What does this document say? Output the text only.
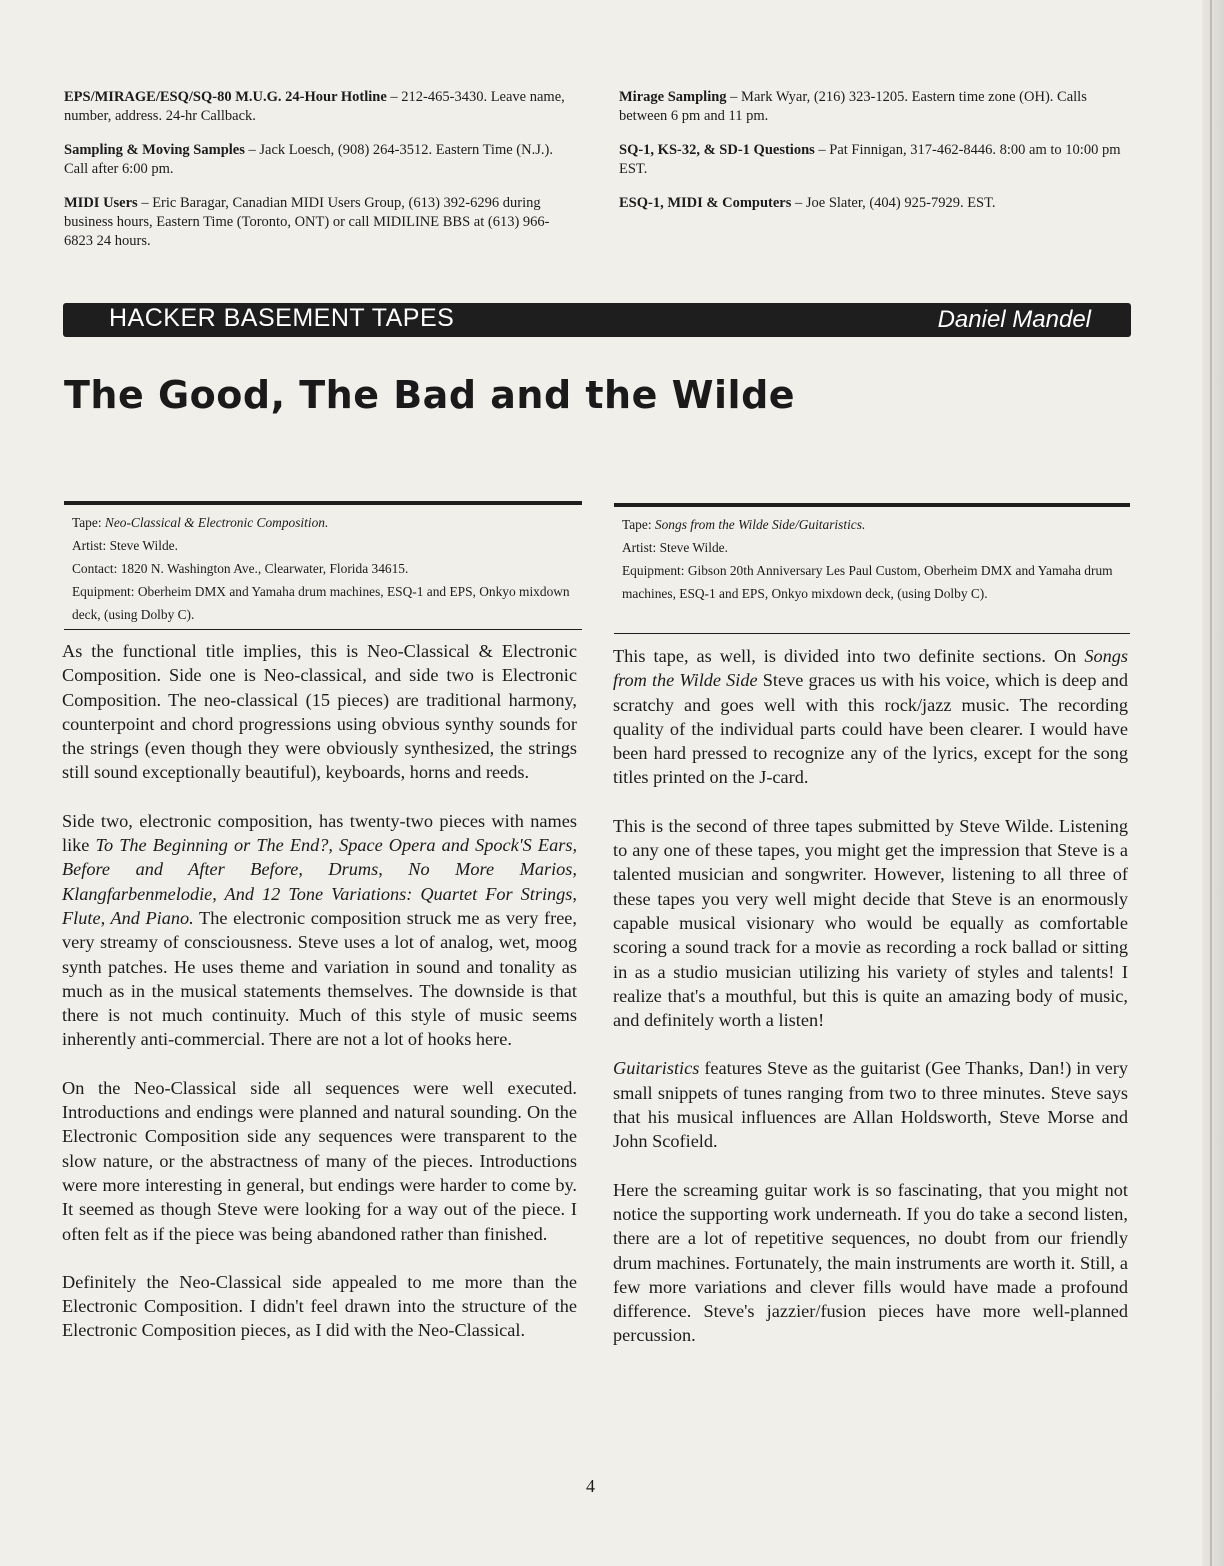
EPS/MIRAGE/ESQ/SQ-80 M.U.G. 24-Hour Hotline – 212-465-3430. Leave name, number, address. 24-hr Callback.
Sampling & Moving Samples – Jack Loesch, (908) 264-3512. Eastern Time (N.J.). Call after 6:00 pm.
MIDI Users – Eric Baragar, Canadian MIDI Users Group, (613) 392-6296 during business hours, Eastern Time (Toronto, ONT) or call MIDILINE BBS at (613) 966-6823 24 hours.
Mirage Sampling – Mark Wyar, (216) 323-1205. Eastern time zone (OH). Calls between 6 pm and 11 pm.
SQ-1, KS-32, & SD-1 Questions – Pat Finnigan, 317-462-8446. 8:00 am to 10:00 pm EST.
ESQ-1, MIDI & Computers – Joe Slater, (404) 925-7929. EST.
HACKER BASEMENT TAPES	Daniel Mandel
The Good, The Bad and the Wilde
Tape: Neo-Classical & Electronic Composition.
Artist: Steve Wilde.
Contact: 1820 N. Washington Ave., Clearwater, Florida 34615.
Equipment: Oberheim DMX and Yamaha drum machines, ESQ-1 and EPS, Onkyo mixdown deck, (using Dolby C).
Tape: Songs from the Wilde Side/Guitaristics.
Artist: Steve Wilde.
Equipment: Gibson 20th Anniversary Les Paul Custom, Oberheim DMX and Yamaha drum machines, ESQ-1 and EPS, Onkyo mixdown deck, (using Dolby C).

As the functional title implies, this is Neo-Classical & Electronic Composition. Side one is Neo-classical, and side two is Electronic Composition. The neo-classical (15 pieces) are traditional harmony, counterpoint and chord progressions using obvious synthy sounds for the strings (even though they were obviously synthesized, the strings still sound exceptionally beautiful), keyboards, horns and reeds.

Side two, electronic composition, has twenty-two pieces with names like To The Beginning or The End?, Space Opera and Spock'S Ears, Before and After Before, Drums, No More Marios, Klangfarbenmelodie, And 12 Tone Variations: Quartet For Strings, Flute, And Piano. The electronic composition struck me as very free, very streamy of consciousness. Steve uses a lot of analog, wet, moog synth patches. He uses theme and variation in sound and tonality as much as in the musical statements themselves. The downside is that there is not much continuity. Much of this style of music seems inherently anti-commercial. There are not a lot of hooks here.

On the Neo-Classical side all sequences were well executed. Introductions and endings were planned and natural sounding. On the Electronic Composition side any sequences were transparent to the slow nature, or the abstractness of many of the pieces. Introductions were more interesting in general, but endings were harder to come by. It seemed as though Steve were looking for a way out of the piece. I often felt as if the piece was being abandoned rather than finished.

Definitely the Neo-Classical side appealed to me more than the Electronic Composition. I didn't feel drawn into the structure of the Electronic Composition pieces, as I did with the Neo-Classical.

This tape, as well, is divided into two definite sections. On Songs from the Wilde Side Steve graces us with his voice, which is deep and scratchy and goes well with this rock/jazz music. The recording quality of the individual parts could have been clearer. I would have been hard pressed to recognize any of the lyrics, except for the song titles printed on the J-card.

This is the second of three tapes submitted by Steve Wilde. Listening to any one of these tapes, you might get the impression that Steve is a talented musician and songwriter. However, listening to all three of these tapes you very well might decide that Steve is an enormously capable musical visionary who would be equally as comfortable scoring a sound track for a movie as recording a rock ballad or sitting in as a studio musician utilizing his variety of styles and talents! I realize that's a mouthful, but this is quite an amazing body of music, and definitely worth a listen!

Guitaristics features Steve as the guitarist (Gee Thanks, Dan!) in very small snippets of tunes ranging from two to three minutes. Steve says that his musical influences are Allan Holdsworth, Steve Morse and John Scofield.

Here the screaming guitar work is so fascinating, that you might not notice the supporting work underneath. If you do take a second listen, there are a lot of repetitive sequences, no doubt from our friendly drum machines. Fortunately, the main instruments are worth it. Still, a few more variations and clever fills would have made a profound difference. Steve's jazzier/fusion pieces have more well-planned percussion.

4
